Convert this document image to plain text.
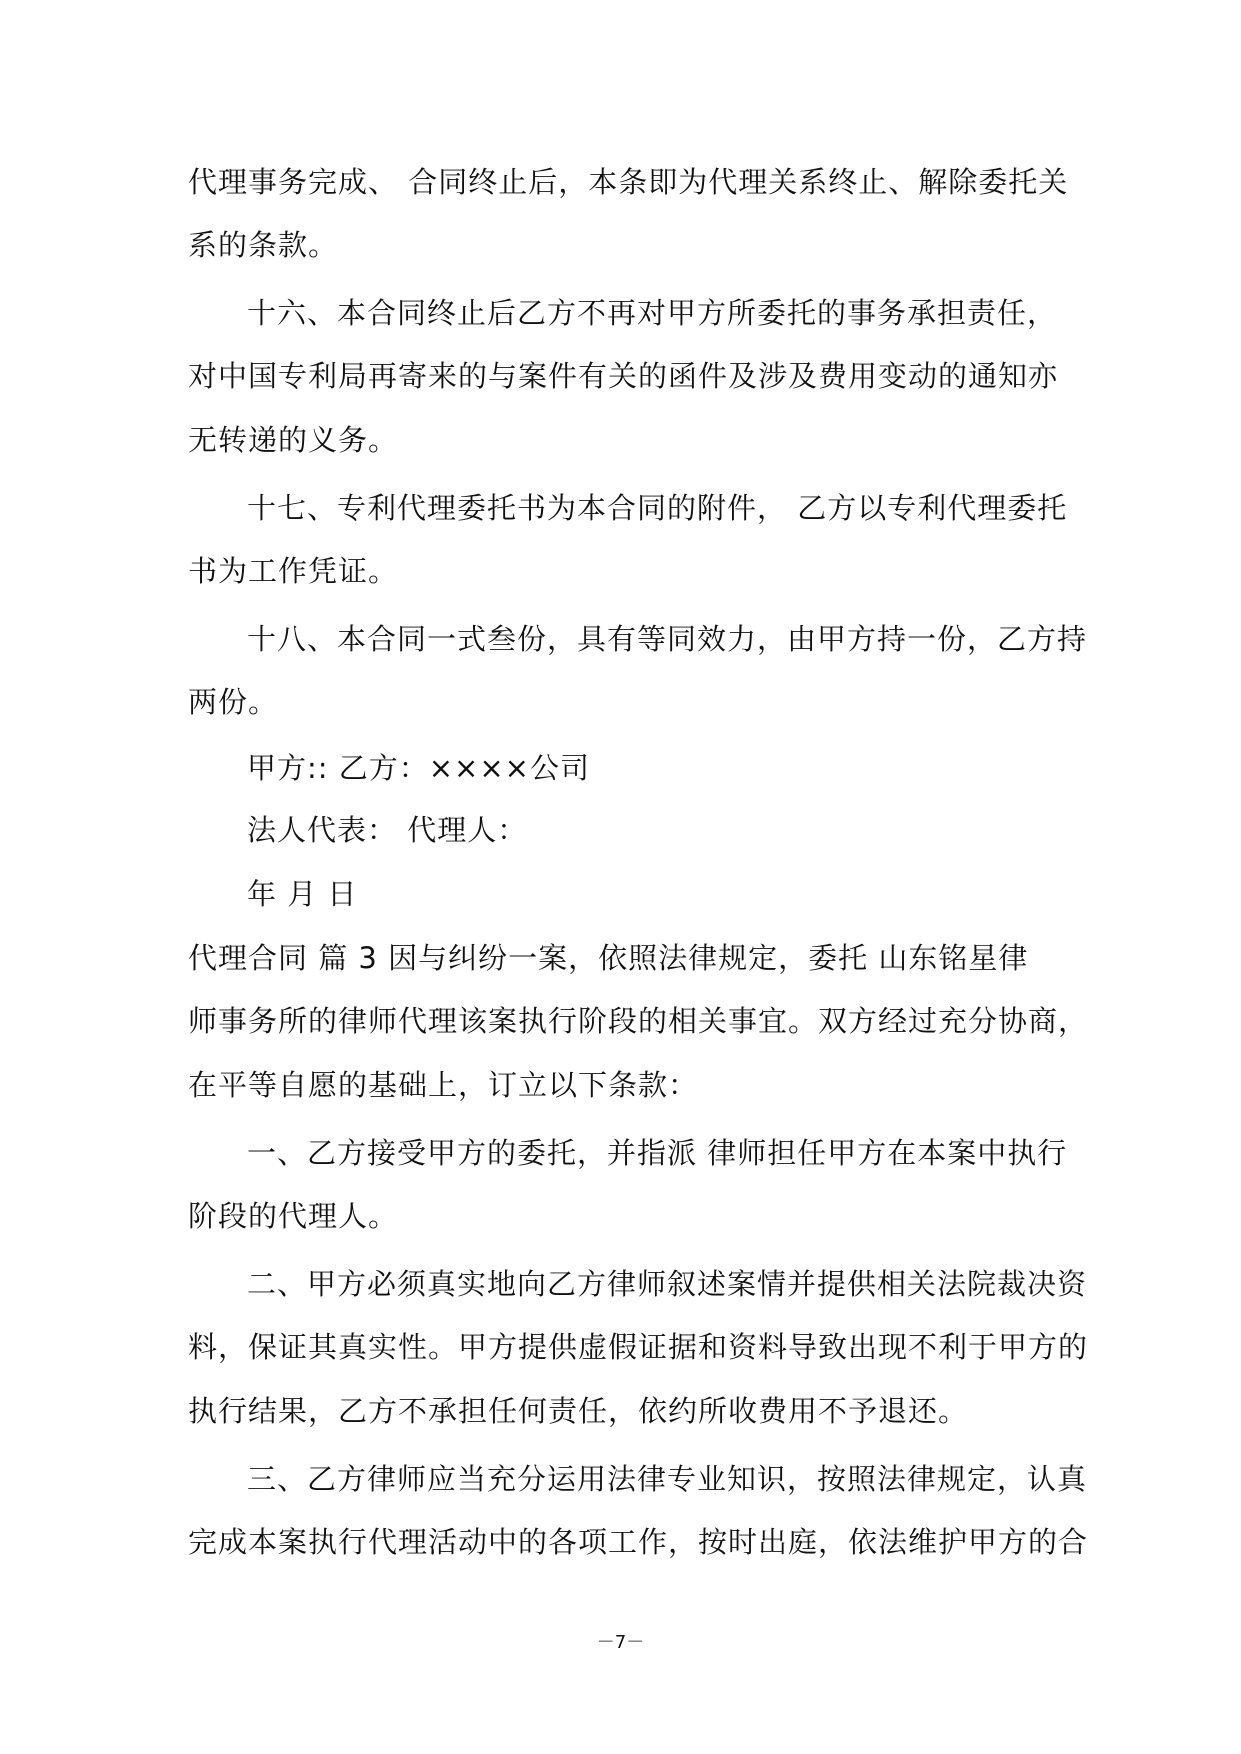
代理事务完成、 合同终止后，本条即为代理关系终止、解除委托关
系的条款。
十六、本合同终止后乙方不再对甲方所委托的事务承担责任，
对中国专利局再寄来的与案件有关的函件及涉及费用变动的通知亦
无转递的义务。
十七、专利代理委托书为本合同的附件， 乙方以专利代理委托
书为工作凭证。
十八、本合同一式叁份，具有等同效力，由甲方持一份，乙方持
两份。
甲方:: 乙方：××××公司
法人代表： 代理人：
年 月 日
代理合同 篇 3 因与纠纷一案，依照法律规定，委托 山东铭星律
师事务所的律师代理该案执行阶段的相关事宜。双方经过充分协商，
在平等自愿的基础上，订立以下条款：
一、乙方接受甲方的委托，并指派 律师担任甲方在本案中执行
阶段的代理人。
二、甲方必须真实地向乙方律师叙述案情并提供相关法院裁决资
料，保证其真实性。甲方提供虚假证据和资料导致出现不利于甲方的
执行结果，乙方不承担任何责任，依约所收费用不予退还。
三、乙方律师应当充分运用法律专业知识，按照法律规定，认真
完成本案执行代理活动中的各项工作，按时出庭，依法维护甲方的合
－7－
